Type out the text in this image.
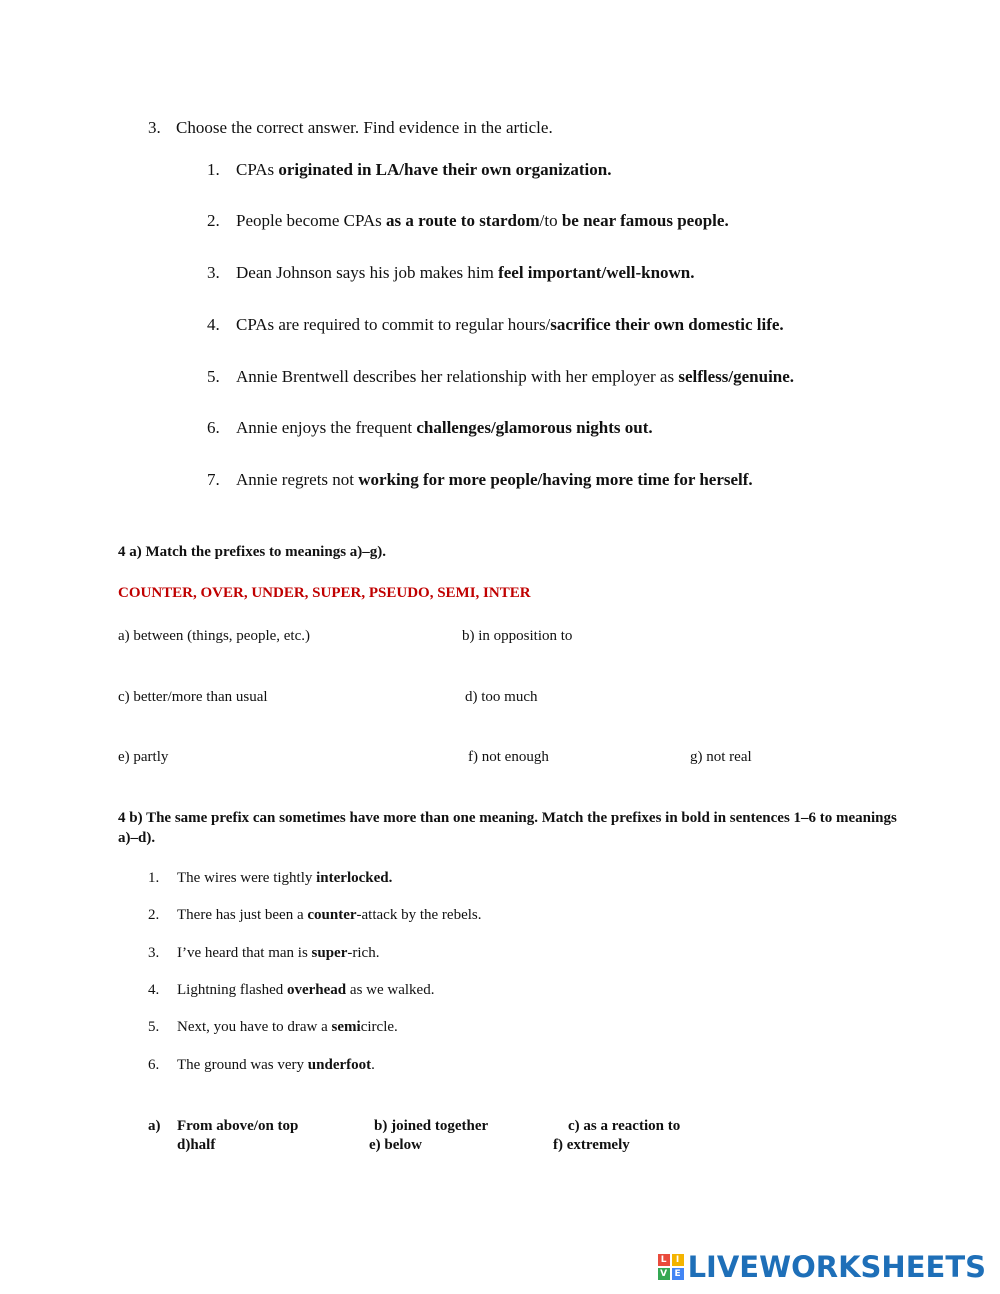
3. Choose the correct answer. Find evidence in the article.
1. CPAs originated in LA/have their own organization.
2. People become CPAs as a route to stardom/to be near famous people.
3. Dean Johnson says his job makes him feel important/well-known.
4. CPAs are required to commit to regular hours/sacrifice their own domestic life.
5. Annie Brentwell describes her relationship with her employer as selfless/genuine.
6. Annie enjoys the frequent challenges/glamorous nights out.
7. Annie regrets not working for more people/having more time for herself.
4 a) Match the prefixes to meanings a)–g).
COUNTER, OVER, UNDER, SUPER, PSEUDO, SEMI, INTER
a) between (things, people, etc.)	b) in opposition to
c) better/more than usual	d) too much
e) partly	f) not enough	g) not real
4 b) The same prefix can sometimes have more than one meaning. Match the prefixes in bold in sentences 1–6 to meanings a)–d).
1. The wires were tightly interlocked.
2. There has just been a counter-attack by the rebels.
3. I’ve heard that man is super-rich.
4. Lightning flashed overhead as we walked.
5. Next, you have to draw a semicircle.
6. The ground was very underfoot.
a) From above/on top	b) joined together	c) as a reaction to
d)half	e) below	f) extremely
L	I
V E LIVEWORKSHEETS
